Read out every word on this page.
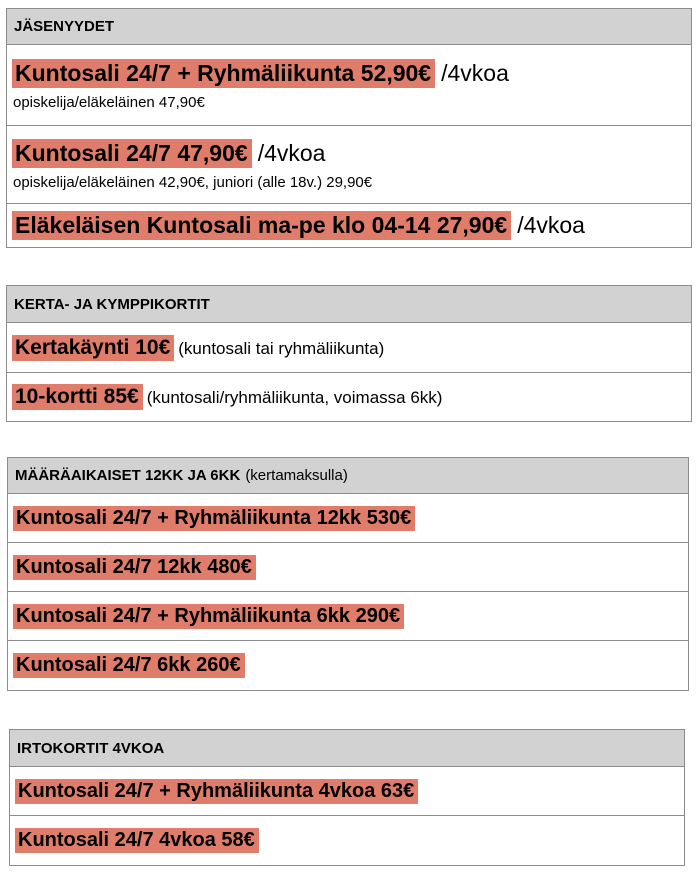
JÄSENYYDET
Kuntosali 24/7 + Ryhmäliikunta 52,90€ /4vkoa
opiskelija/eläkeläinen 47,90€
Kuntosali 24/7 47,90€ /4vkoa
opiskelija/eläkeläinen 42,90€, juniori (alle 18v.) 29,90€
Eläkeläisen Kuntosali ma-pe klo 04-14 27,90€ /4vkoa
KERTA- JA KYMPPIKORTIT
Kertakäynti 10€ (kuntosali tai ryhmäliikunta)
10-kortti 85€ (kuntosali/ryhmäliikunta, voimassa 6kk)
MÄÄRÄAIKAISET 12KK JA 6KK (kertamaksulla)
Kuntosali 24/7 + Ryhmäliikunta 12kk 530€
Kuntosali 24/7 12kk 480€
Kuntosali 24/7 + Ryhmäliikunta 6kk 290€
Kuntosali 24/7 6kk 260€
IRTOKORTIT 4VKOA
Kuntosali 24/7 + Ryhmäliikunta 4vkoa 63€
Kuntosali 24/7 4vkoa 58€
